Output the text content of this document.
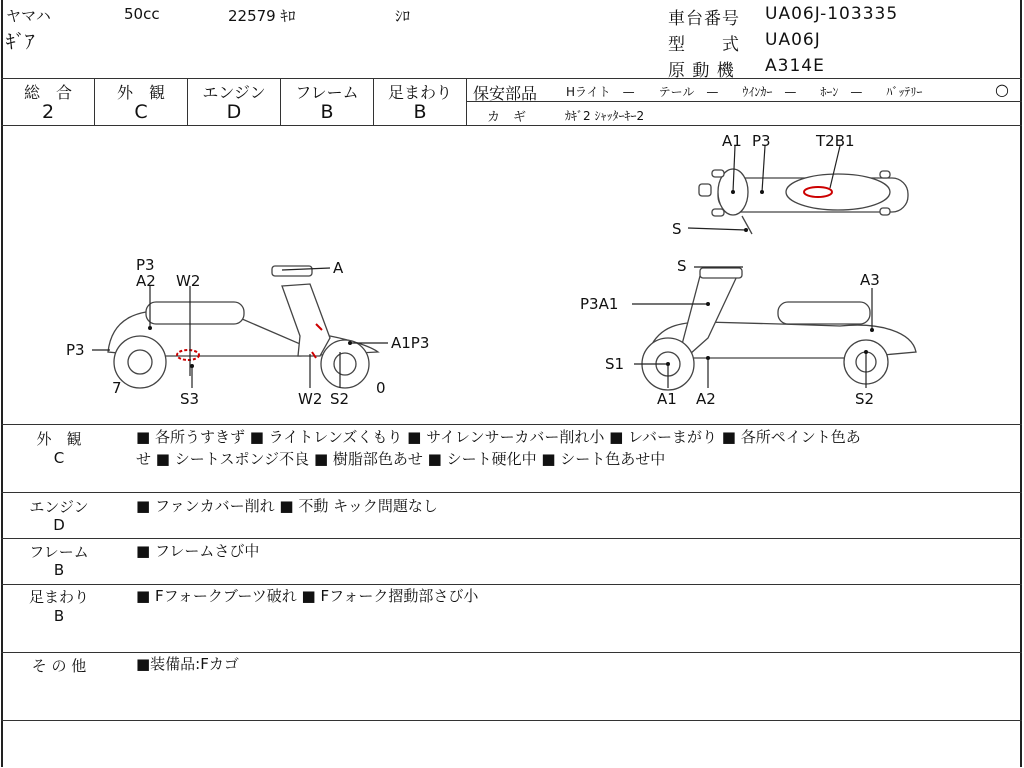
ヤマハ	50cc	22579 ｷﾛ	ｼﾛ
ｷﾞｱ
車台番号 UA06J-103335
型　　式 UA06J
原 動 機 A314E
総　合	外　観	エンジン	フレーム	足まわり
2	C	D	B	B
保安部品 Hライト　—　　テール　—　　ｳｲﾝｶｰ　—　　ﾎｰﾝ　—　　ﾊﾞｯﾃﾘｰ	○
カ　ギ	ｶｷﾞ2 ｼｬｯﾀｰｷｰ2
A1 P3	T2B1
S
P3
A2 W2
A
A1P3
P3
7
S3	W2 S2
0
S
A3
P3A1
S1
A1 A2	S2
外　観
C
■ 各所うすきず ■ ライトレンズくもり ■ サイレンサーカバー削れ小 ■ レバーまがり ■ 各所ペイント色あ
せ ■ シートスポンジ不良 ■ 樹脂部色あせ ■ シート硬化中 ■ シート色あせ中
エンジン
D
■ ファンカバー削れ ■ 不動 キック問題なし
フレーム
B
■ フレームさび中
足まわり
B
■ Fフォークブーツ破れ ■ Fフォーク摺動部さび小
そ の 他	■装備品:Fカゴ
